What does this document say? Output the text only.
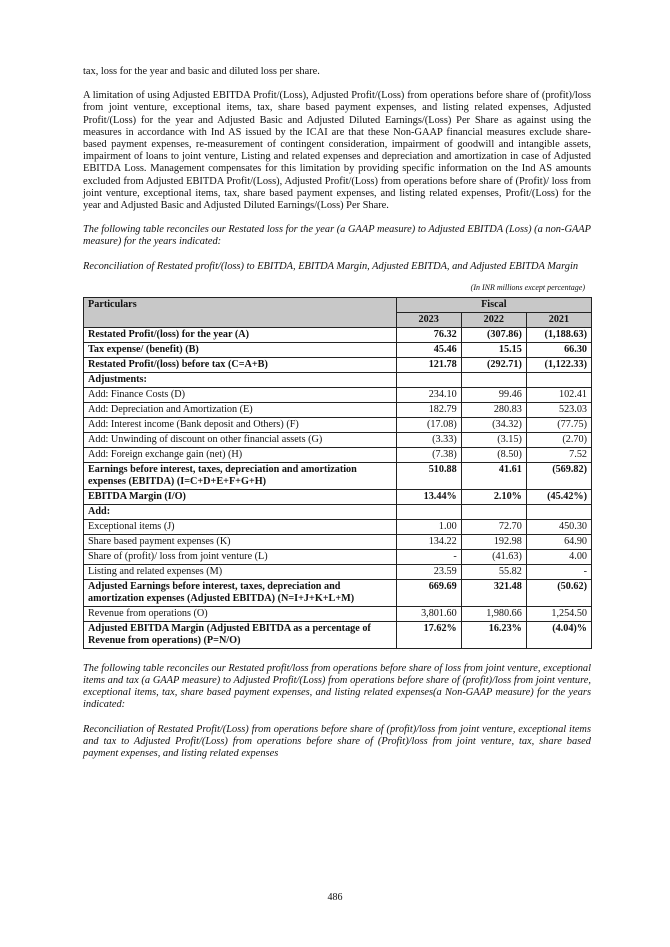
tax, loss for the year and basic and diluted loss per share.

A limitation of using Adjusted EBITDA Profit/(Loss), Adjusted Profit/(Loss) from operations before share of (profit)/loss from joint venture, exceptional items, tax, share based payment expenses, and listing related expenses, Adjusted Profit/(Loss) for the year and Adjusted Basic and Adjusted Diluted Earnings/(Loss) Per Share as against using the measures in accordance with Ind AS issued by the ICAI are that these Non-GAAP financial measures exclude share-based payment expenses, re-measurement of contingent consideration, impairment of goodwill and intangible assets, impairment of loans to joint venture, Listing and related expenses and depreciation and amortization in case of Adjusted EBITDA Loss. Management compensates for this limitation by providing specific information on the Ind AS amounts excluded from Adjusted EBITDA Profit/(Loss), Adjusted Profit/(Loss) from operations before share of (Profit)/ loss from joint venture, exceptional items, tax, share based payment expenses, and listing related expenses, Profit/(Loss) for the year and Adjusted Basic and Adjusted Diluted Earnings/(Loss) Per Share.

The following table reconciles our Restated loss for the year (a GAAP measure) to Adjusted EBITDA (Loss) (a non-GAAP measure) for the years indicated:

Reconciliation of Restated profit/(loss) to EBITDA, EBITDA Margin, Adjusted EBITDA, and Adjusted EBITDA Margin

(In INR millions except percentage)
Particulars	Fiscal		
	2023	2022	2021
Restated Profit/(loss) for the year (A)	76.32	(307.86)	(1,188.63)
Tax expense/ (benefit) (B)	45.46	15.15	66.30
Restated Profit/(loss) before tax (C=A+B)	121.78	(292.71)	(1,122.33)
Adjustments:			
Add: Finance Costs (D)	234.10	99.46	102.41
Add: Depreciation and Amortization (E)	182.79	280.83	523.03
Add: Interest income (Bank deposit and Others) (F)	(17.08)	(34.32)	(77.75)
Add: Unwinding of discount on other financial assets (G)	(3.33)	(3.15)	(2.70)
Add: Foreign exchange gain (net) (H)	(7.38)	(8.50)	7.52
Earnings before interest, taxes, depreciation and amortization expenses (EBITDA) (I=C+D+E+F+G+H)	510.88	41.61	(569.82)
EBITDA Margin (I/O)	13.44%	2.10%	(45.42%)
Add:			
Exceptional items (J)	1.00	72.70	450.30
Share based payment expenses (K)	134.22	192.98	64.90
Share of (profit)/ loss from joint venture (L)	-	(41.63)	4.00
Listing and related expenses (M)	23.59	55.82	-
Adjusted Earnings before interest, taxes, depreciation and amortization expenses (Adjusted EBITDA) (N=I+J+K+L+M)	669.69	321.48	(50.62)
Revenue from operations (O)	3,801.60	1,980.66	1,254.50
Adjusted EBITDA Margin (Adjusted EBITDA as a percentage of Revenue from operations) (P=N/O)	17.62%	16.23%	(4.04)%

The following table reconciles our Restated profit/loss from operations before share of loss from joint venture, exceptional items and tax (a GAAP measure) to Adjusted Profit/(Loss) from operations before share of (profit)/loss from joint venture, exceptional items, tax, share based payment expenses, and listing related expenses(a Non-GAAP measure) for the years indicated:

Reconciliation of Restated Profit/(Loss) from operations before share of (profit)/loss from joint venture, exceptional items and tax to Adjusted Profit/(Loss) from operations before share of (Profit)/loss from joint venture, tax, share based payment expenses, and listing related expenses

486
